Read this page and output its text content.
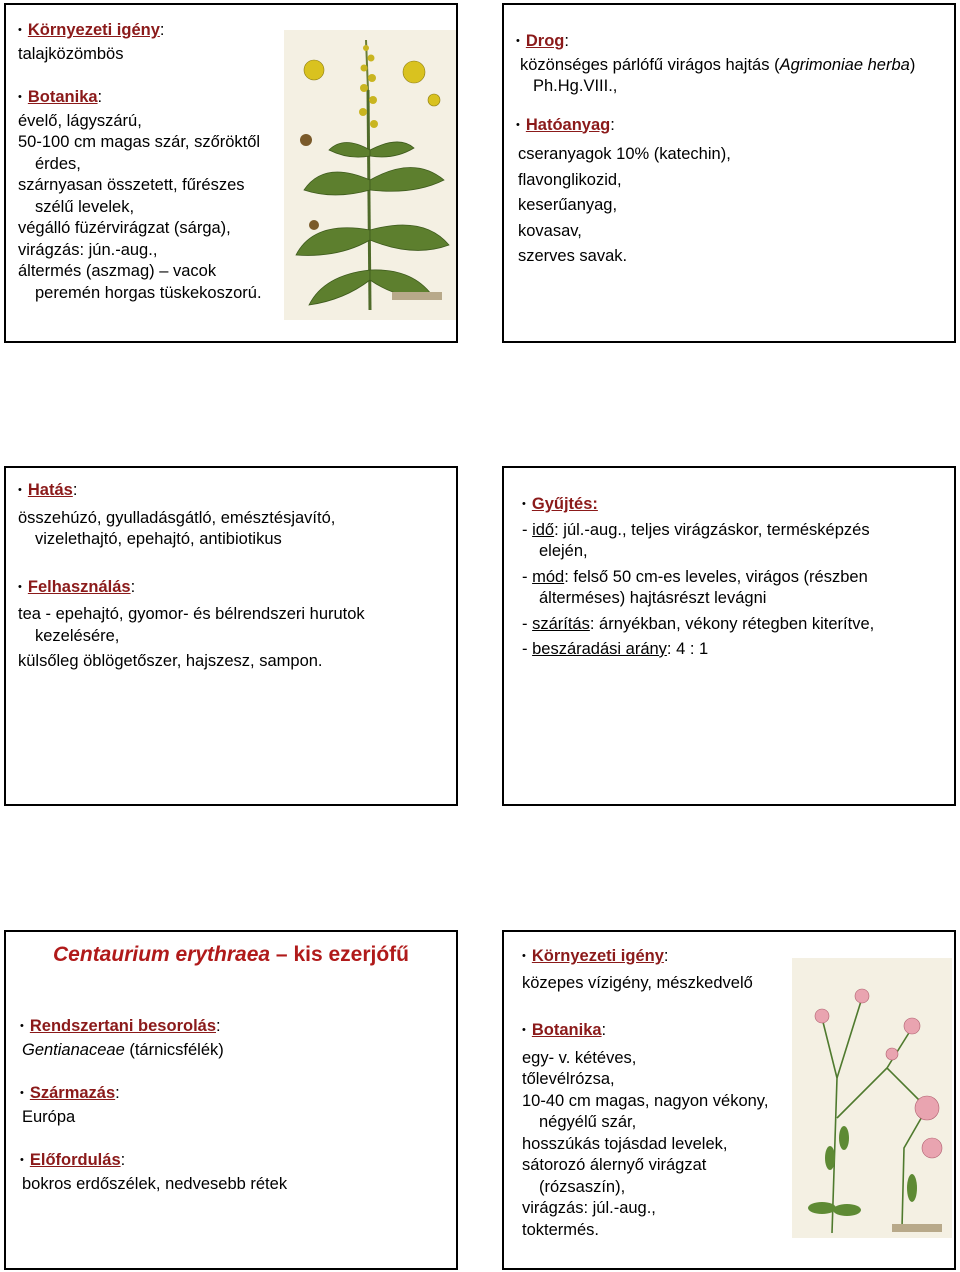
• Környezeti igény:
talajközömbös
• Botanika:
évelő, lágyszárú,
50-100 cm magas szár, szőröktől
érdes,
szárnyasan összetett, fűrészes
szélű levelek,
végálló füzérvirágzat (sárga),
virágzás: jún.-aug.,
áltermés (aszmag) – vacok
peremén horgas tüskekoszorú.
• Drog:
közönséges párlófű virágos hajtás (Agrimoniae herba)
Ph.Hg.VIII.,
• Hatóanyag:
cseranyagok 10% (katechin),
flavonglikozid,
keserűanyag,
kovasav,
szerves savak.
• Hatás:
összehúzó, gyulladásgátló, emésztésjavító,
vizelethajtó, epehajtó, antibiotikus
• Felhasználás:
tea - epehajtó, gyomor- és bélrendszeri hurutok
kezelésére,
külsőleg öblögetőszer, hajszesz, sampon.
• Gyűjtés:
- idő: júl.-aug., teljes virágzáskor, termésképzés
elején,
- mód: felső 50 cm-es leveles, virágos (részben
álterméses) hajtásrészt levágni
- szárítás: árnyékban, vékony rétegben kiterítve,
- beszáradási arány: 4 : 1
Centaurium erythraea – kis ezerjófű
• Rendszertani besorolás:
Gentianaceae (tárnicsfélék)
• Származás:
Európa
• Előfordulás:
bokros erdőszélek, nedvesebb rétek
• Környezeti igény:
közepes vízigény, mészkedvelő
• Botanika:
egy- v. kétéves,
tőlevélrózsa,
10-40 cm magas, nagyon vékony,
négyélű szár,
hosszúkás tojásdad levelek,
sátorozó álernyő virágzat
(rózsaszín),
virágzás: júl.-aug.,
toktermés.
